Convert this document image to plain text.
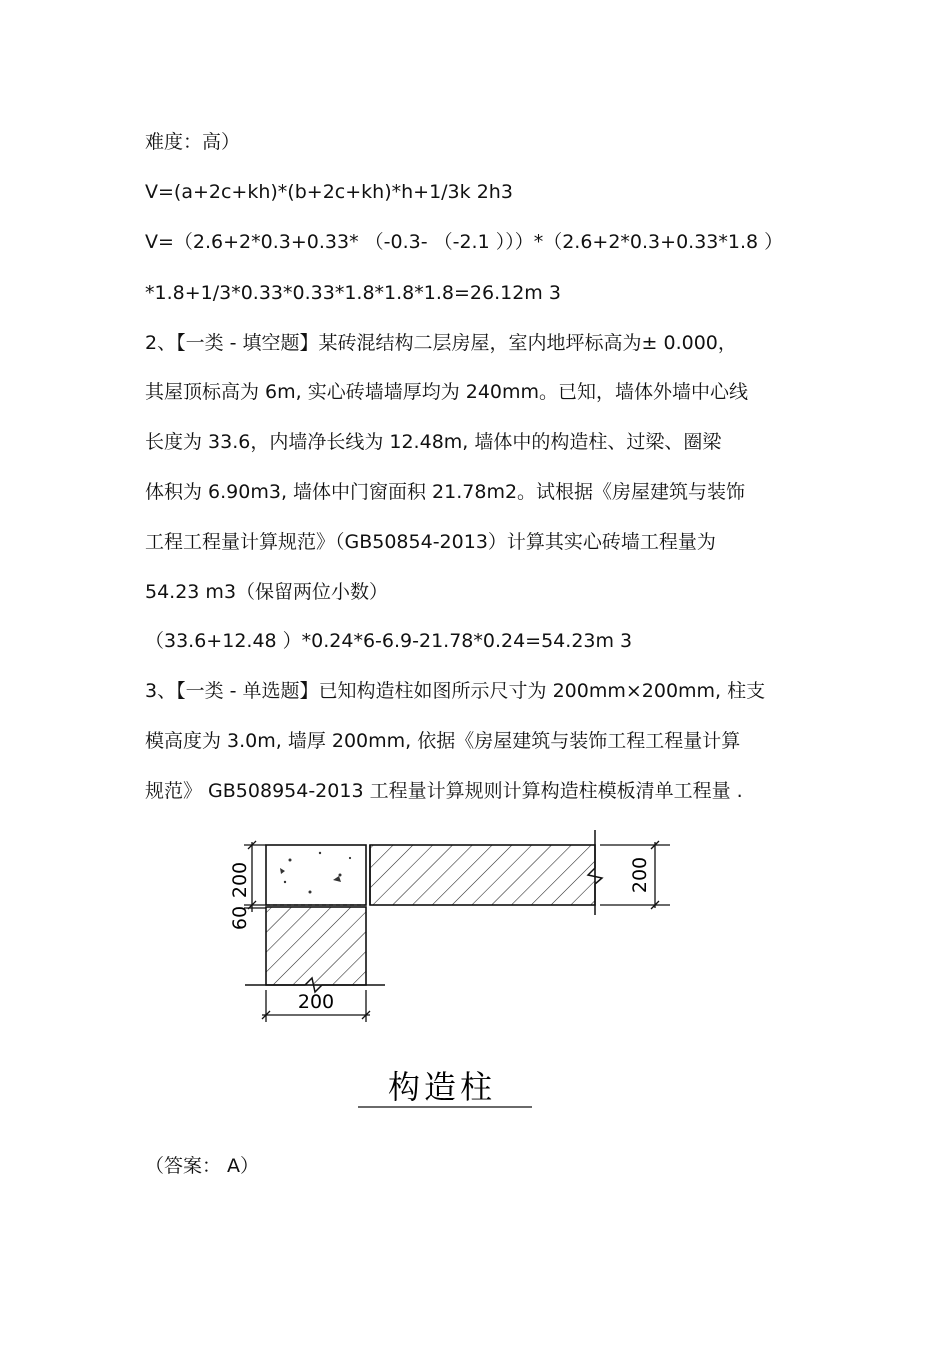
难度：高）
V=(a+2c+kh)*(b+2c+kh)*h+1/3k 2h3
V=（2.6+2*0.3+0.33* （-0.3- （-2.1 ）））*（2.6+2*0.3+0.33*1.8 ）
*1.8+1/3*0.33*0.33*1.8*1.8*1.8=26.12m 3
2、【一类 - 填空题】某砖混结构二层房屋，室内地坪标高为± 0.000，
其屋顶标高为 6m, 实心砖墙墙厚均为 240mm。已知，墙体外墙中心线
长度为 33.6，内墙净长线为 12.48m, 墙体中的构造柱、过梁、圈梁
体积为 6.90m3, 墙体中门窗面积 21.78m2。试根据《房屋建筑与装饰
工程工程量计算规范》（GB50854-2013）计算其实心砖墙工程量为
54.23 m3（保留两位小数）
（33.6+12.48 ）*0.24*6-6.9-21.78*0.24=54.23m 3
3、【一类 - 单选题】已知构造柱如图所示尺寸为 200mm×200mm, 柱支
模高度为 3.0m, 墙厚 200mm, 依据《房屋建筑与装饰工程工程量计算
规范》 GB508954-2013 工程量计算规则计算构造柱模板清单工程量 .
200
60
200
200
构造柱
（答案： A）
